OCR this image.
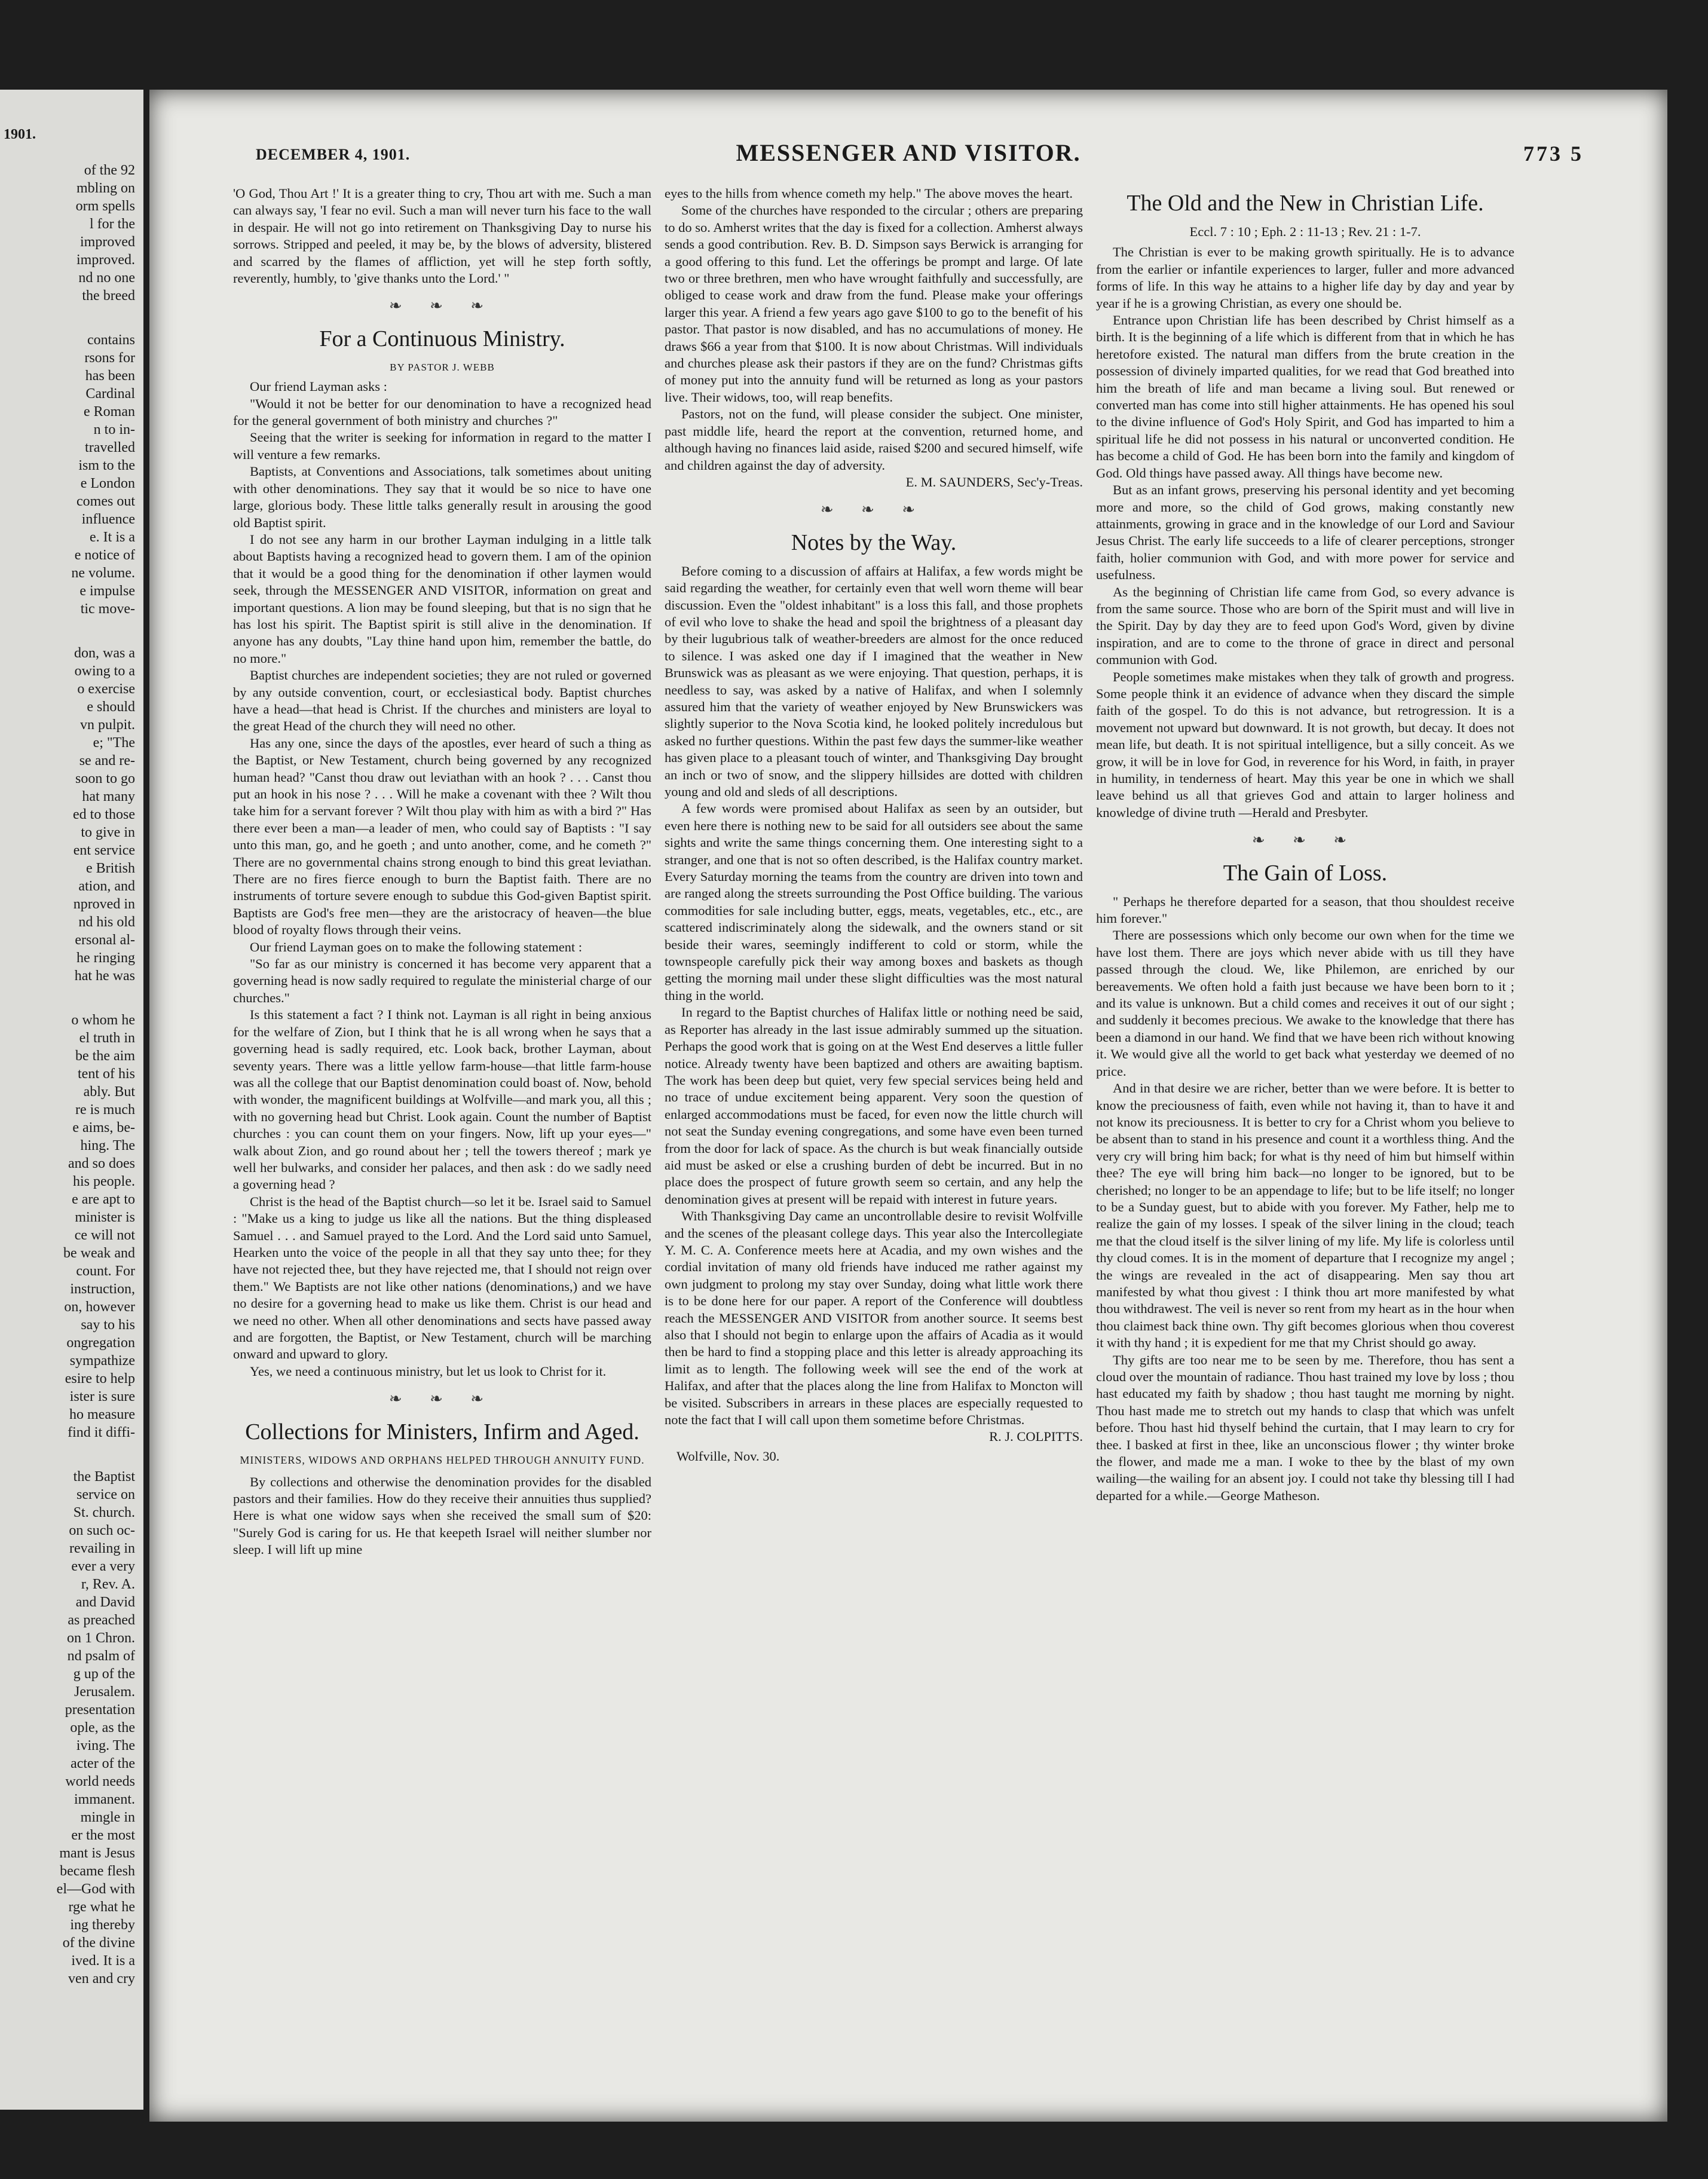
1901.
of the 92
mbling on
orm spells
l for the
improved
improved.
nd no one
the breed
contains
rsons for
has been
Cardinal
e Roman
n to in-
travelled
ism to the
e London
comes out
influence
e. It is a
e notice of
ne volume.
e impulse
tic move-
don, was a
owing to a
o exercise
e should
vn pulpit.
e; "The
se and re-
soon to go
hat many
ed to those
to give in
ent service
e British
ation, and
nproved in
nd his old
ersonal al-
he ringing
hat he was
o whom he
el truth in
be the aim
tent of his
ably. But
re is much
e aims, be-
hing. The
and so does
his people.
e are apt to
minister is
ce will not
be weak and
count. For
instruction,
on, however
say to his
ongregation
sympathize
esire to help
ister is sure
ho measure
find it diffi-
the Baptist
service on
St. church.
on such oc-
revailing in
ever a very
r, Rev. A.
and David
as preached
on 1 Chron.
nd psalm of
g up of the
Jerusalem.
presentation
ople, as the
iving. The
acter of the
world needs
immanent.
mingle in
er the most
mant is Jesus
became flesh
el—God with
rge what he
ing thereby
of the divine
ived. It is a
ven and cry
DECEMBER 4, 1901.	MESSENGER AND VISITOR.	773 5

'O God, Thou Art !' It is a greater thing to cry, Thou art with me. Such a man can always say, 'I fear no evil. Such a man will never turn his face to the wall in despair. He will not go into retirement on Thanksgiving Day to nurse his sorrows. Stripped and peeled, it may be, by the blows of adversity, blistered and scarred by the flames of affliction, yet will he step forth softly, reverently, humbly, to 'give thanks unto the Lord.' "

❧ ❧ ❧
For a Continuous Ministry.
BY PASTOR J. WEBB

Our friend Layman asks :

"Would it not be better for our denomination to have a recognized head for the general government of both ministry and churches ?"

Seeing that the writer is seeking for information in regard to the matter I will venture a few remarks.

Baptists, at Conventions and Associations, talk sometimes about uniting with other denominations. They say that it would be so nice to have one large, glorious body. These little talks generally result in arousing the good old Baptist spirit.

I do not see any harm in our brother Layman indulging in a little talk about Baptists having a recognized head to govern them. I am of the opinion that it would be a good thing for the denomination if other laymen would seek, through the MESSENGER AND VISITOR, information on great and important questions. A lion may be found sleeping, but that is no sign that he has lost his spirit. The Baptist spirit is still alive in the denomination. If anyone has any doubts, "Lay thine hand upon him, remember the battle, do no more."

Baptist churches are independent societies; they are not ruled or governed by any outside convention, court, or ecclesiastical body. Baptist churches have a head—that head is Christ. If the churches and ministers are loyal to the great Head of the church they will need no other.

Has any one, since the days of the apostles, ever heard of such a thing as the Baptist, or New Testament, church being governed by any recognized human head? "Canst thou draw out leviathan with an hook ? . . . Canst thou put an hook in his nose ? . . . Will he make a covenant with thee ? Wilt thou take him for a servant forever ? Wilt thou play with him as with a bird ?" Has there ever been a man—a leader of men, who could say of Baptists : "I say unto this man, go, and he goeth ; and unto another, come, and he cometh ?" There are no governmental chains strong enough to bind this great leviathan. There are no fires fierce enough to burn the Baptist faith. There are no instruments of torture severe enough to subdue this God-given Baptist spirit. Baptists are God's free men—they are the aristocracy of heaven—the blue blood of royalty flows through their veins.

Our friend Layman goes on to make the following statement :

"So far as our ministry is concerned it has become very apparent that a governing head is now sadly required to regulate the ministerial charge of our churches."

Is this statement a fact ? I think not. Layman is all right in being anxious for the welfare of Zion, but I think that he is all wrong when he says that a governing head is sadly required, etc. Look back, brother Layman, about seventy years. There was a little yellow farm-house—that little farm-house was all the college that our Baptist denomination could boast of. Now, behold with wonder, the magnificent buildings at Wolfville—and mark you, all this ; with no governing head but Christ. Look again. Count the number of Baptist churches : you can count them on your fingers. Now, lift up your eyes—" walk about Zion, and go round about her ; tell the towers thereof ; mark ye well her bulwarks, and consider her palaces, and then ask : do we sadly need a governing head ?

Christ is the head of the Baptist church—so let it be. Israel said to Samuel : "Make us a king to judge us like all the nations. But the thing displeased Samuel . . . and Samuel prayed to the Lord. And the Lord said unto Samuel, Hearken unto the voice of the people in all that they say unto thee; for they have not rejected thee, but they have rejected me, that I should not reign over them." We Baptists are not like other nations (denominations,) and we have no desire for a governing head to make us like them. Christ is our head and we need no other. When all other denominations and sects have passed away and are forgotten, the Baptist, or New Testament, church will be marching onward and upward to glory.

Yes, we need a continuous ministry, but let us look to Christ for it.

❧ ❧ ❧
Collections for Ministers, Infirm and Aged.
MINISTERS, WIDOWS AND ORPHANS HELPED THROUGH ANNUITY FUND.

By collections and otherwise the denomination provides for the disabled pastors and their families. How do they receive their annuities thus supplied? Here is what one widow says when she received the small sum of $20: "Surely God is caring for us. He that keepeth Israel will neither slumber nor sleep. I will lift up mine

eyes to the hills from whence cometh my help." The above moves the heart.

Some of the churches have responded to the circular ; others are preparing to do so. Amherst writes that the day is fixed for a collection. Amherst always sends a good contribution. Rev. B. D. Simpson says Berwick is arranging for a good offering to this fund. Let the offerings be prompt and large. Of late two or three brethren, men who have wrought faithfully and successfully, are obliged to cease work and draw from the fund. Please make your offerings larger this year. A friend a few years ago gave $100 to go to the benefit of his pastor. That pastor is now disabled, and has no accumulations of money. He draws $66 a year from that $100. It is now about Christmas. Will individuals and churches please ask their pastors if they are on the fund? Christmas gifts of money put into the annuity fund will be returned as long as your pastors live. Their widows, too, will reap benefits.

Pastors, not on the fund, will please consider the subject. One minister, past middle life, heard the report at the convention, returned home, and although having no finances laid aside, raised $200 and secured himself, wife and children against the day of adversity.

E. M. SAUNDERS, Sec'y-Treas.
❧ ❧ ❧
Notes by the Way.

Before coming to a discussion of affairs at Halifax, a few words might be said regarding the weather, for certainly even that well worn theme will bear discussion. Even the "oldest inhabitant" is a loss this fall, and those prophets of evil who love to shake the head and spoil the brightness of a pleasant day by their lugubrious talk of weather-breeders are almost for the once reduced to silence. I was asked one day if I imagined that the weather in New Brunswick was as pleasant as we were enjoying. That question, perhaps, it is needless to say, was asked by a native of Halifax, and when I solemnly assured him that the variety of weather enjoyed by New Brunswickers was slightly superior to the Nova Scotia kind, he looked politely incredulous but asked no further questions. Within the past few days the summer-like weather has given place to a pleasant touch of winter, and Thanksgiving Day brought an inch or two of snow, and the slippery hillsides are dotted with children young and old and sleds of all descriptions.

A few words were promised about Halifax as seen by an outsider, but even here there is nothing new to be said for all outsiders see about the same sights and write the same things concerning them. One interesting sight to a stranger, and one that is not so often described, is the Halifax country market. Every Saturday morning the teams from the country are driven into town and are ranged along the streets surrounding the Post Office building. The various commodities for sale including butter, eggs, meats, vegetables, etc., etc., are scattered indiscriminately along the sidewalk, and the owners stand or sit beside their wares, seemingly indifferent to cold or storm, while the townspeople carefully pick their way among boxes and baskets as though getting the morning mail under these slight difficulties was the most natural thing in the world.

In regard to the Baptist churches of Halifax little or nothing need be said, as Reporter has already in the last issue admirably summed up the situation. Perhaps the good work that is going on at the West End deserves a little fuller notice. Already twenty have been baptized and others are awaiting baptism. The work has been deep but quiet, very few special services being held and no trace of undue excitement being apparent. Very soon the question of enlarged accommodations must be faced, for even now the little church will not seat the Sunday evening congregations, and some have even been turned from the door for lack of space. As the church is but weak financially outside aid must be asked or else a crushing burden of debt be incurred. But in no place does the prospect of future growth seem so certain, and any help the denomination gives at present will be repaid with interest in future years.

With Thanksgiving Day came an uncontrollable desire to revisit Wolfville and the scenes of the pleasant college days. This year also the Intercollegiate Y. M. C. A. Conference meets here at Acadia, and my own wishes and the cordial invitation of many old friends have induced me rather against my own judgment to prolong my stay over Sunday, doing what little work there is to be done here for our paper. A report of the Conference will doubtless reach the MESSENGER AND VISITOR from another source. It seems best also that I should not begin to enlarge upon the affairs of Acadia as it would then be hard to find a stopping place and this letter is already approaching its limit as to length. The following week will see the end of the work at Halifax, and after that the places along the line from Halifax to Moncton will be visited. Subscribers in arrears in these places are especially requested to note the fact that I will call upon them sometime before Christmas.

R. J. COLPITTS.
Wolfville, Nov. 30.
The Old and the New in Christian Life.
Eccl. 7 : 10 ; Eph. 2 : 11-13 ; Rev. 21 : 1-7.

The Christian is ever to be making growth spiritually. He is to advance from the earlier or infantile experiences to larger, fuller and more advanced forms of life. In this way he attains to a higher life day by day and year by year if he is a growing Christian, as every one should be.

Entrance upon Christian life has been described by Christ himself as a birth. It is the beginning of a life which is different from that in which he has heretofore existed. The natural man differs from the brute creation in the possession of divinely imparted qualities, for we read that God breathed into him the breath of life and man became a living soul. But renewed or converted man has come into still higher attainments. He has opened his soul to the divine influence of God's Holy Spirit, and God has imparted to him a spiritual life he did not possess in his natural or unconverted condition. He has become a child of God. He has been born into the family and kingdom of God. Old things have passed away. All things have become new.

But as an infant grows, preserving his personal identity and yet becoming more and more, so the child of God grows, making constantly new attainments, growing in grace and in the knowledge of our Lord and Saviour Jesus Christ. The early life succeeds to a life of clearer perceptions, stronger faith, holier communion with God, and with more power for service and usefulness.

As the beginning of Christian life came from God, so every advance is from the same source. Those who are born of the Spirit must and will live in the Spirit. Day by day they are to feed upon God's Word, given by divine inspiration, and are to come to the throne of grace in direct and personal communion with God.

People sometimes make mistakes when they talk of growth and progress. Some people think it an evidence of advance when they discard the simple faith of the gospel. To do this is not advance, but retrogression. It is a movement not upward but downward. It is not growth, but decay. It does not mean life, but death. It is not spiritual intelligence, but a silly conceit. As we grow, it will be in love for God, in reverence for his Word, in faith, in prayer in humility, in tenderness of heart. May this year be one in which we shall leave behind us all that grieves God and attain to larger holiness and knowledge of divine truth —Herald and Presbyter.

❧ ❧ ❧
The Gain of Loss.

" Perhaps he therefore departed for a season, that thou shouldest receive him forever."

There are possessions which only become our own when for the time we have lost them. There are joys which never abide with us till they have passed through the cloud. We, like Philemon, are enriched by our bereavements. We often hold a faith just because we have been born to it ; and its value is unknown. But a child comes and receives it out of our sight ; and suddenly it becomes precious. We awake to the knowledge that there has been a diamond in our hand. We find that we have been rich without knowing it. We would give all the world to get back what yesterday we deemed of no price.

And in that desire we are richer, better than we were before. It is better to know the preciousness of faith, even while not having it, than to have it and not know its preciousness. It is better to cry for a Christ whom you believe to be absent than to stand in his presence and count it a worthless thing. And the very cry will bring him back; for what is thy need of him but himself within thee? The eye will bring him back—no longer to be ignored, but to be cherished; no longer to be an appendage to life; but to be life itself; no longer to be a Sunday guest, but to abide with you forever. My Father, help me to realize the gain of my losses. I speak of the silver lining in the cloud; teach me that the cloud itself is the silver lining of my life. My life is colorless until thy cloud comes. It is in the moment of departure that I recognize my angel ; the wings are revealed in the act of disappearing. Men say thou art manifested by what thou givest : I think thou art more manifested by what thou withdrawest. The veil is never so rent from my heart as in the hour when thou claimest back thine own. Thy gift becomes glorious when thou coverest it with thy hand ; it is expedient for me that my Christ should go away.

Thy gifts are too near me to be seen by me. Therefore, thou has sent a cloud over the mountain of radiance. Thou hast trained my love by loss ; thou hast educated my faith by shadow ; thou hast taught me morning by night. Thou hast made me to stretch out my hands to clasp that which was unfelt before. Thou hast hid thyself behind the curtain, that I may learn to cry for thee. I basked at first in thee, like an unconscious flower ; thy winter broke the flower, and made me a man. I woke to thee by the blast of my own wailing—the wailing for an absent joy. I could not take thy blessing till I had departed for a while.—George Matheson.
